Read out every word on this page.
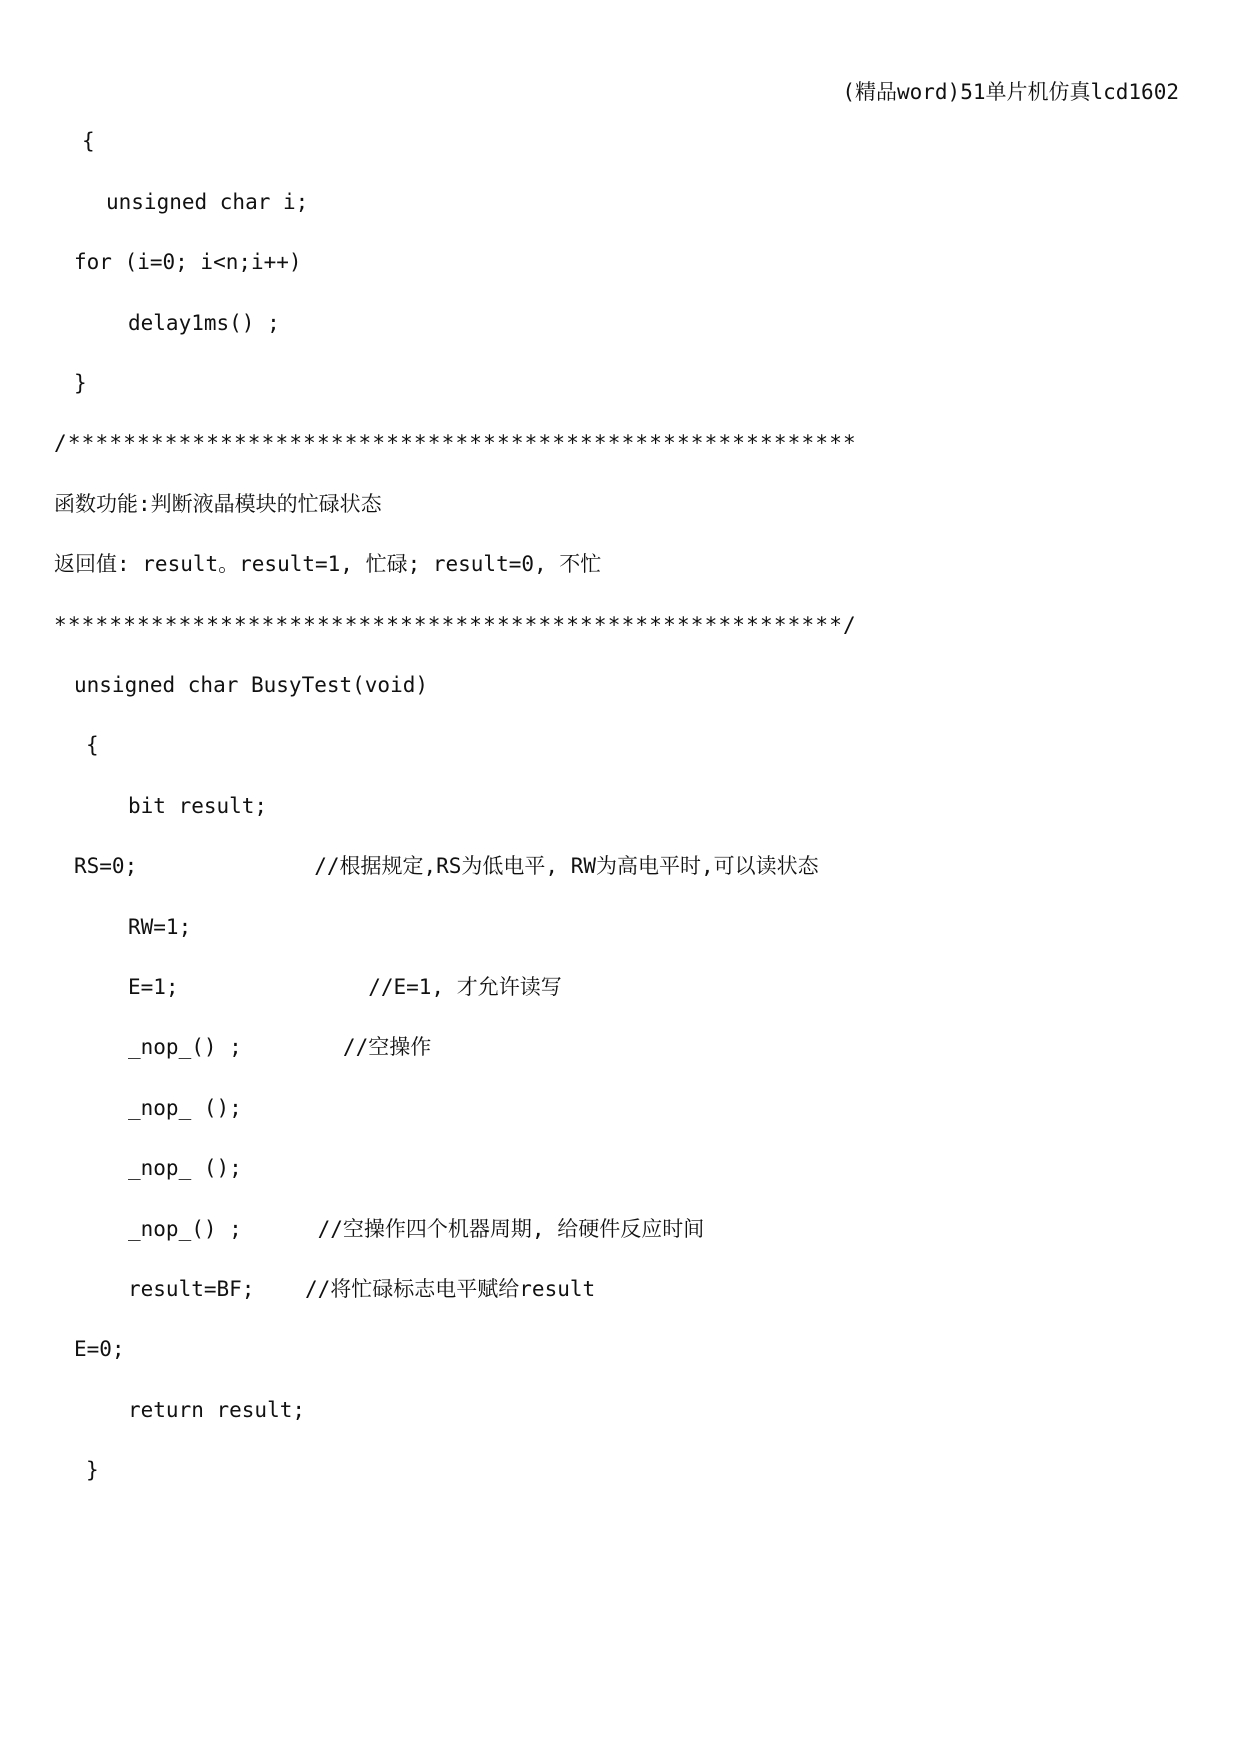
(精品word)51单片机仿真lcd1602
{
unsigned char i;
for (i=0; i<n;i++)
delay1ms() ;
}
/*********************************************************
函数功能:判断液晶模块的忙碌状态
返回值: result。result=1, 忙碌; result=0, 不忙
*********************************************************/
unsigned char BusyTest(void)
{
bit result;
RS=0;              //根据规定,RS为低电平, RW为高电平时,可以读状态
RW=1;
E=1;               //E=1, 才允许读写
_nop_() ;        //空操作
_nop_ ();
_nop_ ();
_nop_() ;      //空操作四个机器周期, 给硬件反应时间
result=BF;    //将忙碌标志电平赋给result
E=0;
return result;
}
